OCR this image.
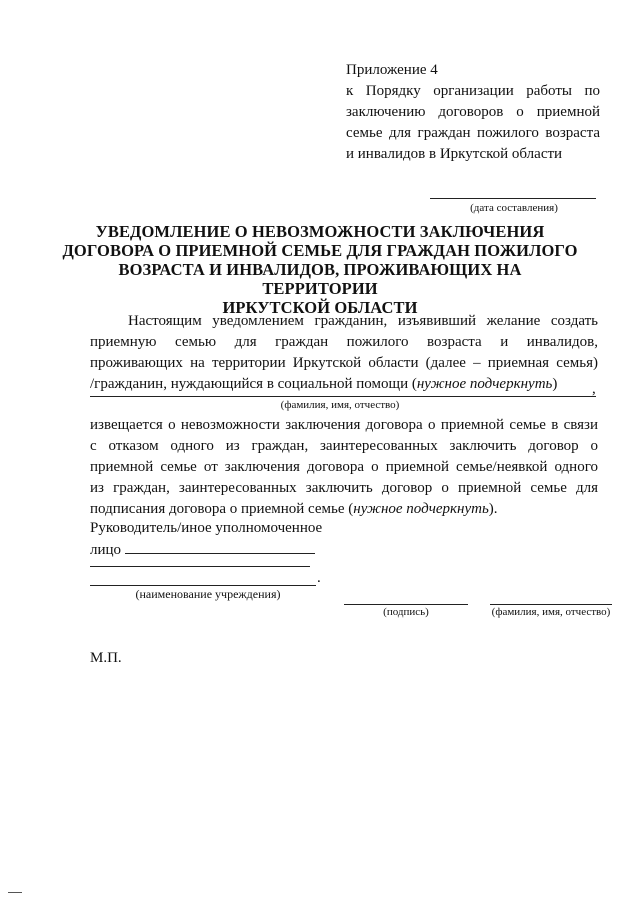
Приложение 4
к Порядку организации работы по
заключению договоров о приемной
семье для граждан пожилого возраста
и инвалидов в Иркутской области
(дата составления)
УВЕДОМЛЕНИЕ О НЕВОЗМОЖНОСТИ ЗАКЛЮЧЕНИЯ
ДОГОВОРА О ПРИЕМНОЙ СЕМЬЕ ДЛЯ ГРАЖДАН ПОЖИЛОГО
ВОЗРАСТА И ИНВАЛИДОВ, ПРОЖИВАЮЩИХ НА ТЕРРИТОРИИ
ИРКУТСКОЙ ОБЛАСТИ
Настоящим уведомлением гражданин, изъявивший желание создать
приемную семью для граждан пожилого возраста и инвалидов,
проживающих на территории Иркутской области (далее – приемная семья)
/гражданин, нуждающийся в социальной помощи (нужное подчеркнуть)	,
(фамилия, имя, отчество)
извещается о невозможности заключения договора о приемной семье в связи
с отказом одного из граждан, заинтересованных заключить договор о
приемной семье от заключения договора о приемной семье/неявкой одного
из граждан, заинтересованных заключить договор о приемной семье для
подписания договора о приемной семье (нужное подчеркнуть).
Руководитель/иное уполномоченное
лицо
.
(наименование учреждения)
(подпись)	(фамилия, имя, отчество)
М.П.
